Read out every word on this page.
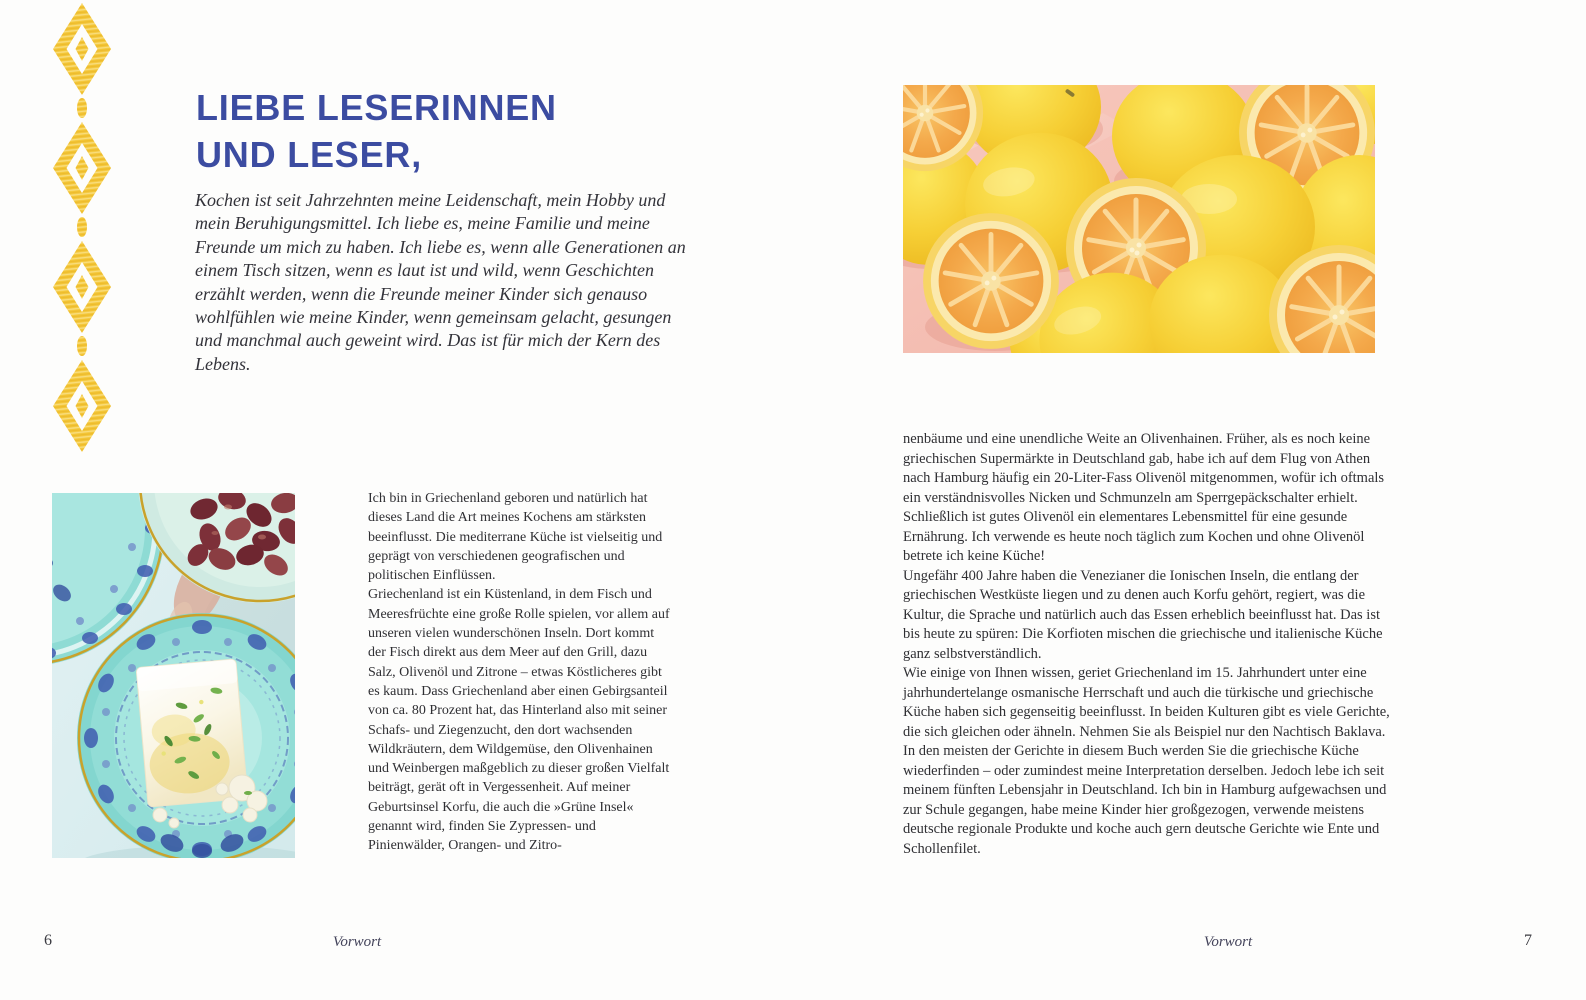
LIEBE LESERINNEN
UND LESER,
Kochen ist seit Jahrzehnten meine Leidenschaft, mein Hobby und mein Beruhigungsmittel. Ich liebe es, meine Familie und meine Freunde um mich zu haben. Ich liebe es, wenn alle Generationen an einem Tisch sitzen, wenn es laut ist und wild, wenn Geschichten erzählt werden, wenn die Freunde meiner Kinder sich genauso wohlfühlen wie meine Kinder, wenn gemeinsam gelacht, gesungen und manchmal auch geweint wird. Das ist für mich der Kern des Lebens.

Ich bin in Griechenland geboren und natürlich hat dieses Land die Art meines Kochens am stärksten beeinflusst. Die mediterrane Küche ist vielseitig und geprägt von verschiedenen geografischen und politischen Einflüssen.

Griechenland ist ein Küstenland, in dem Fisch und Meeresfrüchte eine große Rolle spielen, vor allem auf unseren vielen wunderschönen Inseln. Dort kommt der Fisch direkt aus dem Meer auf den Grill, dazu Salz, Olivenöl und Zitrone – etwas Köstlicheres gibt es kaum. Dass Griechenland aber einen Gebirgsanteil von ca. 80 Prozent hat, das Hinterland also mit seiner Schafs- und Ziegenzucht, den dort wachsenden Wildkräutern, dem Wildgemüse, den Olivenhainen und Weinbergen maßgeblich zu dieser großen Vielfalt beiträgt, gerät oft in Vergessenheit. Auf meiner Geburtsinsel Korfu, die auch die »Grüne Insel« genannt wird, finden Sie Zypressen- und Pinienwälder, Orangen- und Zitro-

nenbäume und eine unendliche Weite an Olivenhainen. Früher, als es noch keine griechischen Supermärkte in Deutschland gab, habe ich auf dem Flug von Athen nach Hamburg häufig ein 20-Liter-Fass Olivenöl mitgenommen, wofür ich oftmals ein verständnisvolles Nicken und Schmunzeln am Sperrgepäckschalter erhielt. Schließlich ist gutes Olivenöl ein elementares Lebensmittel für eine gesunde Ernährung. Ich verwende es heute noch täglich zum Kochen und ohne Olivenöl betrete ich keine Küche!

Ungefähr 400 Jahre haben die Venezianer die Ionischen Inseln, die entlang der griechischen Westküste liegen und zu denen auch Korfu gehört, regiert, was die Kultur, die Sprache und natürlich auch das Essen erheblich beeinflusst hat. Das ist bis heute zu spüren: Die Korfioten mischen die griechische und italienische Küche ganz selbstverständlich.

Wie einige von Ihnen wissen, geriet Griechenland im 15. Jahrhundert unter eine jahrhundertelange osmanische Herrschaft und auch die türkische und griechische Küche haben sich gegenseitig beeinflusst. In beiden Kulturen gibt es viele Gerichte, die sich gleichen oder ähneln. Nehmen Sie als Beispiel nur den Nachtisch Baklava. In den meisten der Gerichte in diesem Buch werden Sie die griechische Küche wiederfinden – oder zumindest meine Interpretation derselben. Jedoch lebe ich seit meinem fünften Lebensjahr in Deutschland. Ich bin in Hamburg aufgewachsen und zur Schule gegangen, habe meine Kinder hier großgezogen, verwende meistens deutsche regionale Produkte und koche auch gern deutsche Gerichte wie Ente und Schollenfilet.

6	Vorwort	Vorwort	7
